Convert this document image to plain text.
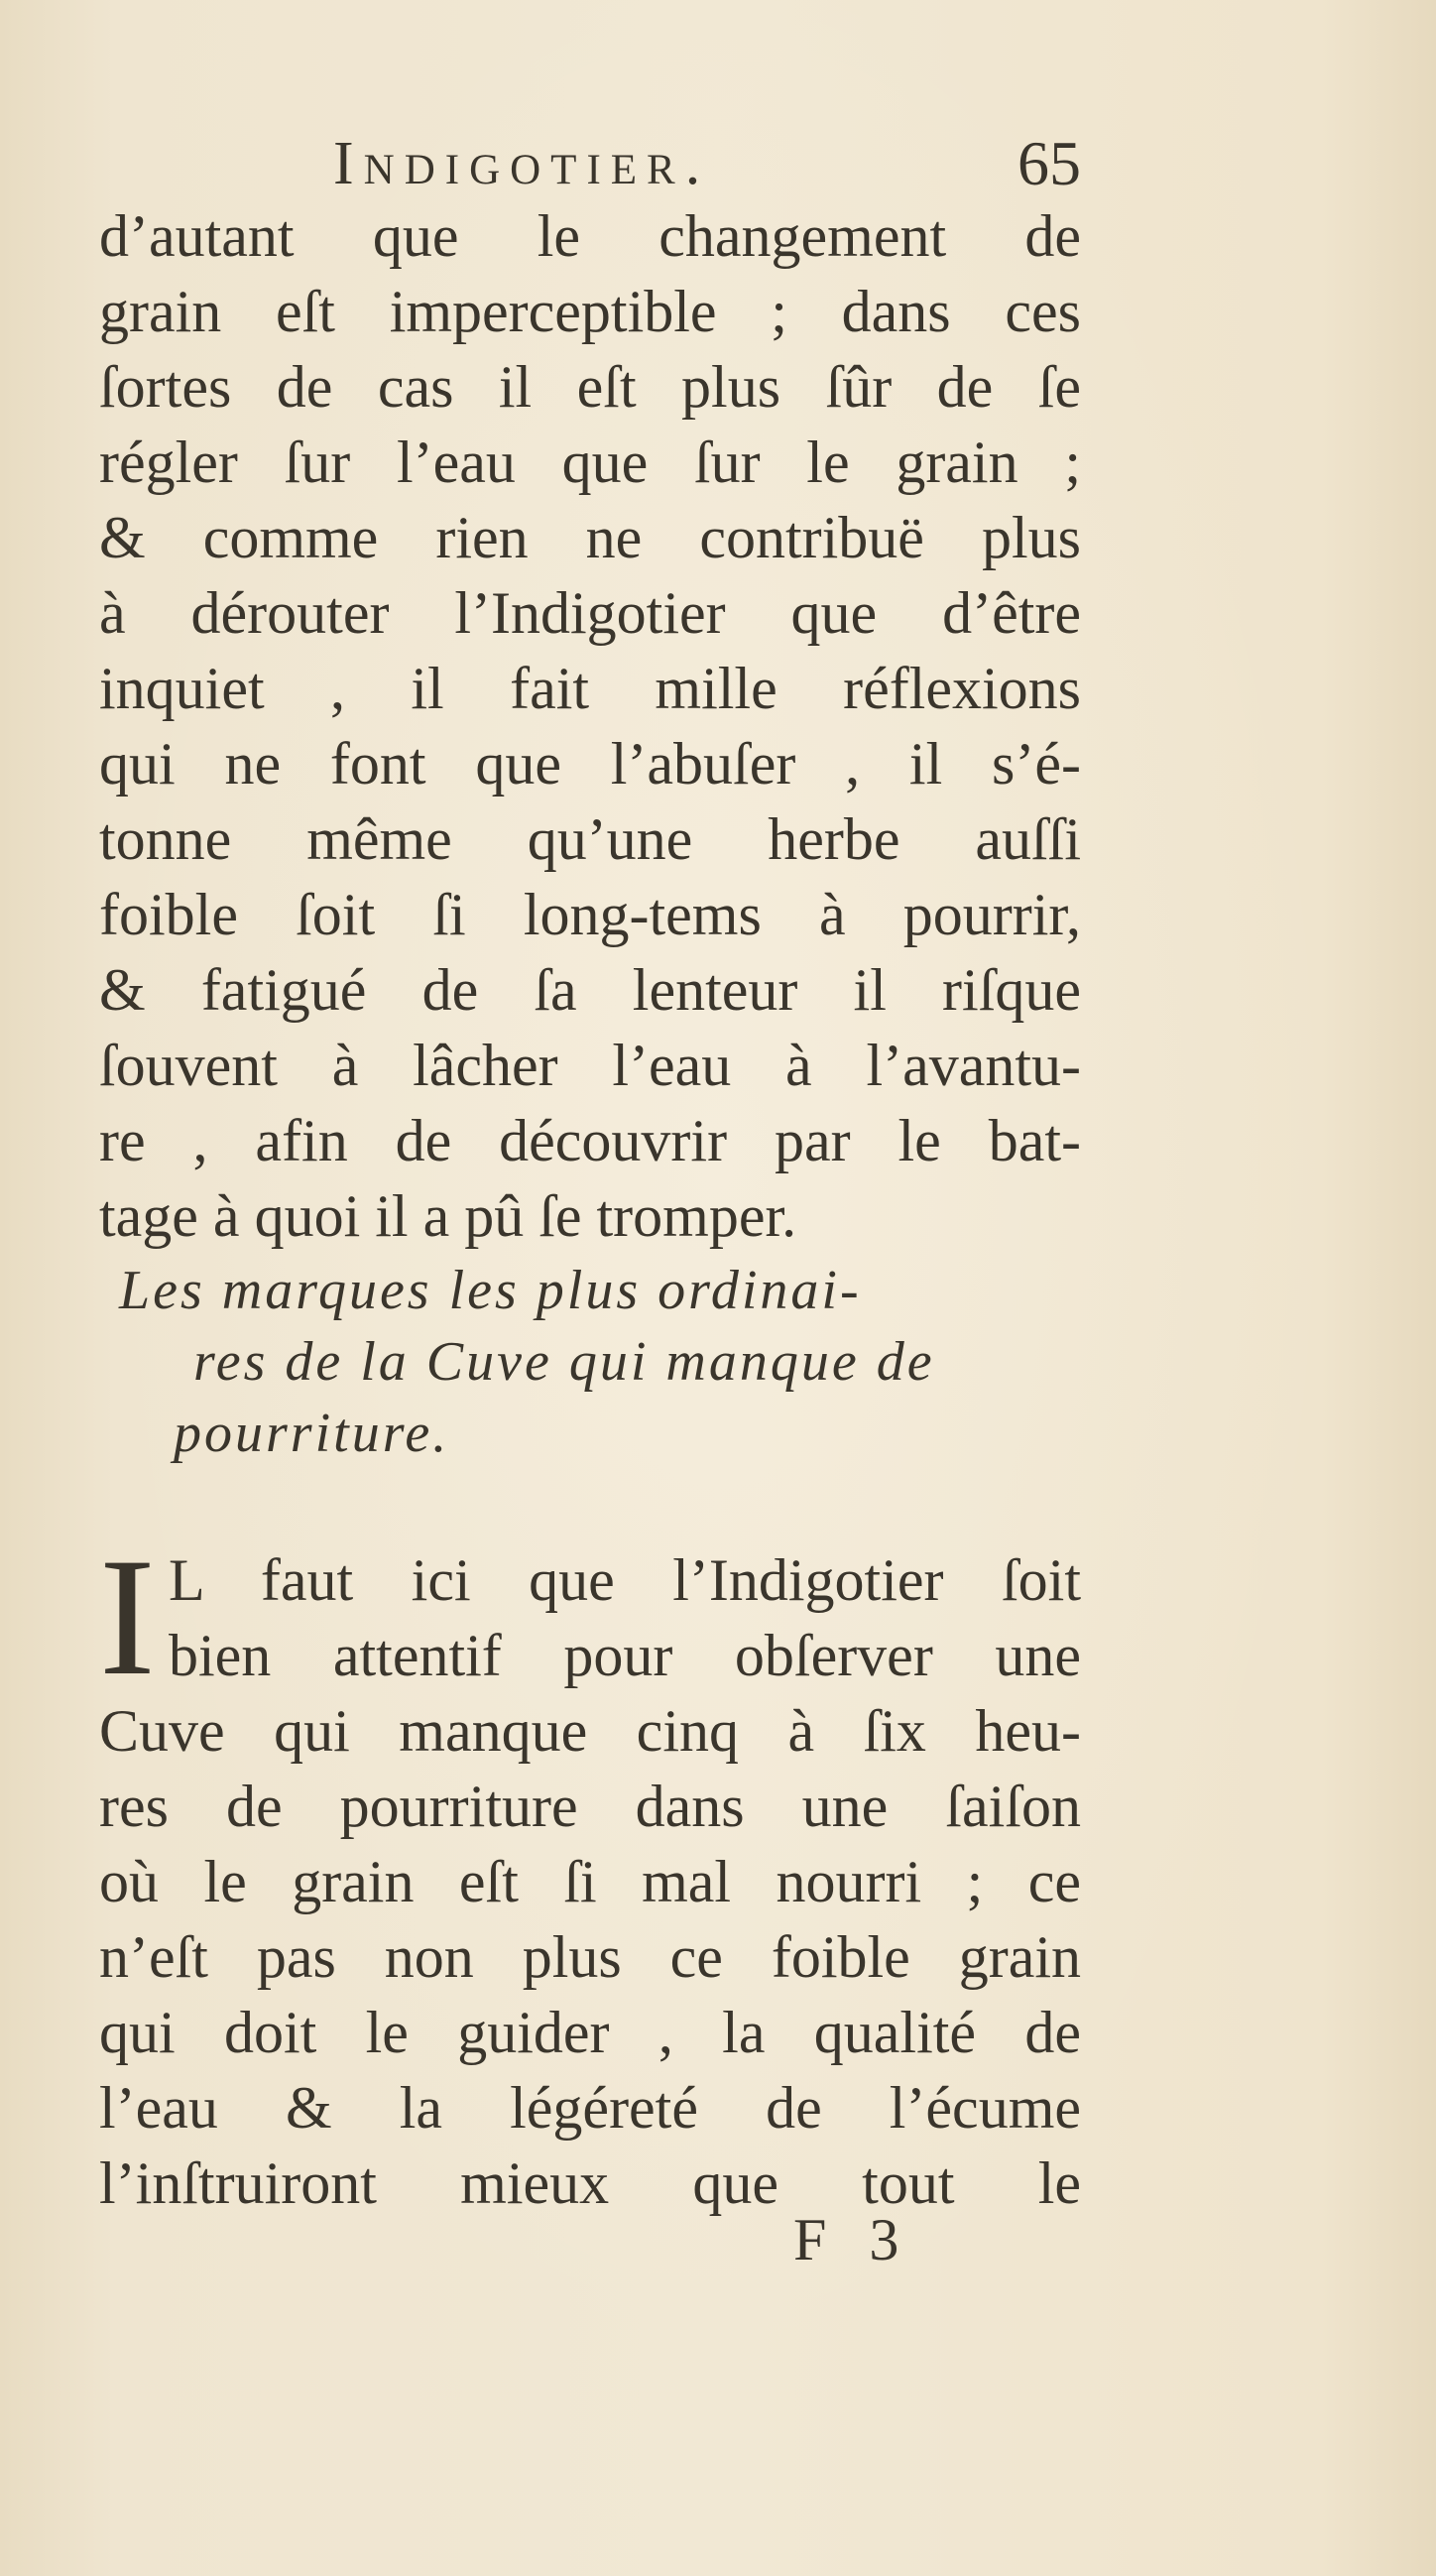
Indigotier.	65
d’autant que le changement de
grain eſt imperceptible ; dans ces
ſortes de cas il eſt plus ſûr de ſe
régler ſur l’eau que ſur le grain ;
& comme rien ne contribuë plus
à dérouter l’Indigotier que d’être
inquiet , il fait mille réflexions
qui ne font que l’abuſer , il s’é-
tonne même qu’une herbe auſſi
foible ſoit ſi long-tems à pourrir,
& fatigué de ſa lenteur il riſque
ſouvent à lâcher l’eau à l’avantu-
re , afin de découvrir par le bat-
tage à quoi il a pû ſe tromper.
Les marques les plus ordinai-
res de la Cuve qui manque de
pourriture.
I L faut ici que l’Indigotier ſoit
bien attentif pour obſerver une
Cuve qui manque cinq à ſix heu-
res de pourriture dans une ſaiſon
où le grain eſt ſi mal nourri ; ce
n’eſt pas non plus ce foible grain
qui doit le guider , la qualité de
l’eau & la légéreté de l’écume
l’inſtruiront mieux que tout le
F 3
